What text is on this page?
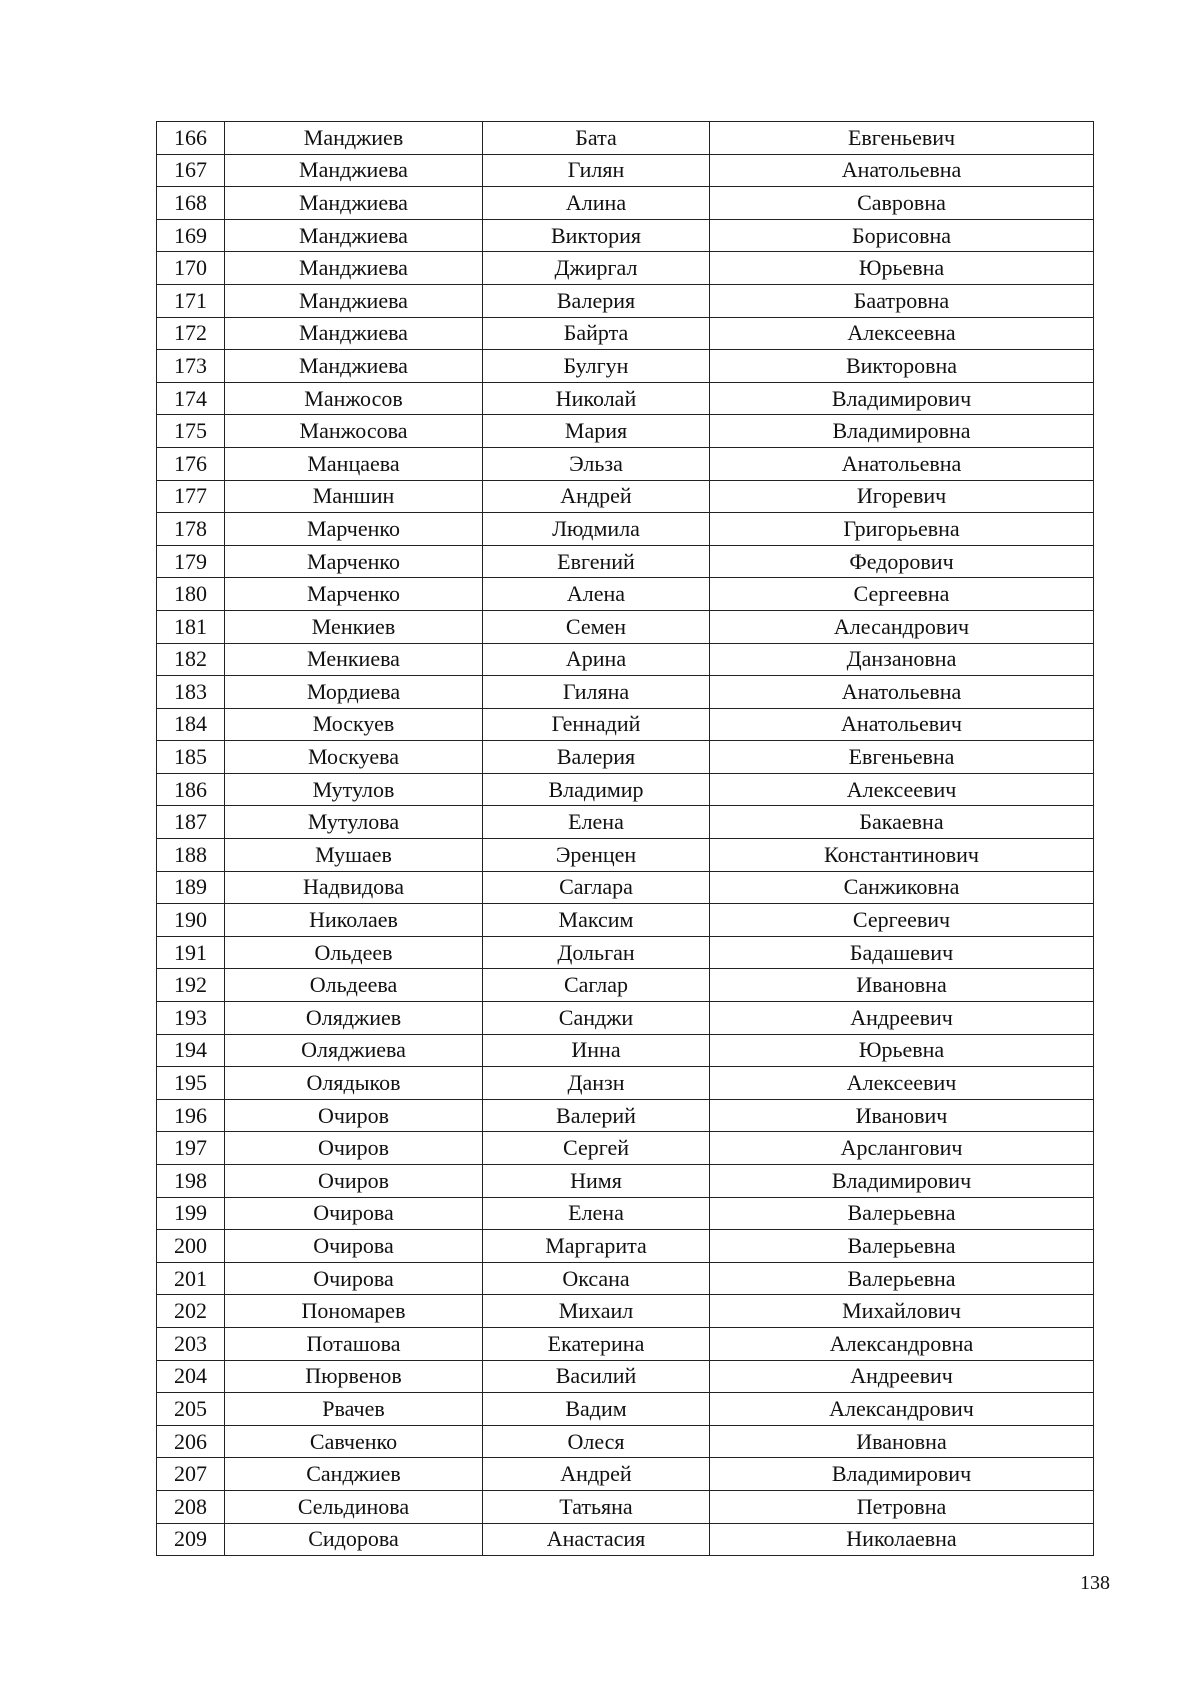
166	Манджиев	Бата	Евгеньевич
167	Манджиева	Гилян	Анатольевна
168	Манджиева	Алина	Савровна
169	Манджиева	Виктория	Борисовна
170	Манджиева	Джиргал	Юрьевна
171	Манджиева	Валерия	Баатровна
172	Манджиева	Байрта	Алексеевна
173	Манджиева	Булгун	Викторовна
174	Манжосов	Николай	Владимирович
175	Манжосова	Мария	Владимировна
176	Манцаева	Эльза	Анатольевна
177	Маншин	Андрей	Игоревич
178	Марченко	Людмила	Григорьевна
179	Марченко	Евгений	Федорович
180	Марченко	Алена	Сергеевна
181	Менкиев	Семен	Алесандрович
182	Менкиева	Арина	Данзановна
183	Мордиева	Гиляна	Анатольевна
184	Москуев	Геннадий	Анатольевич
185	Москуева	Валерия	Евгеньевна
186	Мутулов	Владимир	Алексеевич
187	Мутулова	Елена	Бакаевна
188	Мушаев	Эренцен	Константинович
189	Надвидова	Саглара	Санжиковна
190	Николаев	Максим	Сергеевич
191	Ольдеев	Дольган	Бадашевич
192	Ольдеева	Саглар	Ивановна
193	Оляджиев	Санджи	Андреевич
194	Оляджиева	Инна	Юрьевна
195	Олядыков	Данзн	Алексеевич
196	Очиров	Валерий	Иванович
197	Очиров	Сергей	Арслангович
198	Очиров	Нимя	Владимирович
199	Очирова	Елена	Валерьевна
200	Очирова	Маргарита	Валерьевна
201	Очирова	Оксана	Валерьевна
202	Пономарев	Михаил	Михайлович
203	Поташова	Екатерина	Александровна
204	Пюрвенов	Василий	Андреевич
205	Рвачев	Вадим	Александрович
206	Савченко	Олеся	Ивановна
207	Санджиев	Андрей	Владимирович
208	Сельдинова	Татьяна	Петровна
209	Сидорова	Анастасия	Николаевна
138
